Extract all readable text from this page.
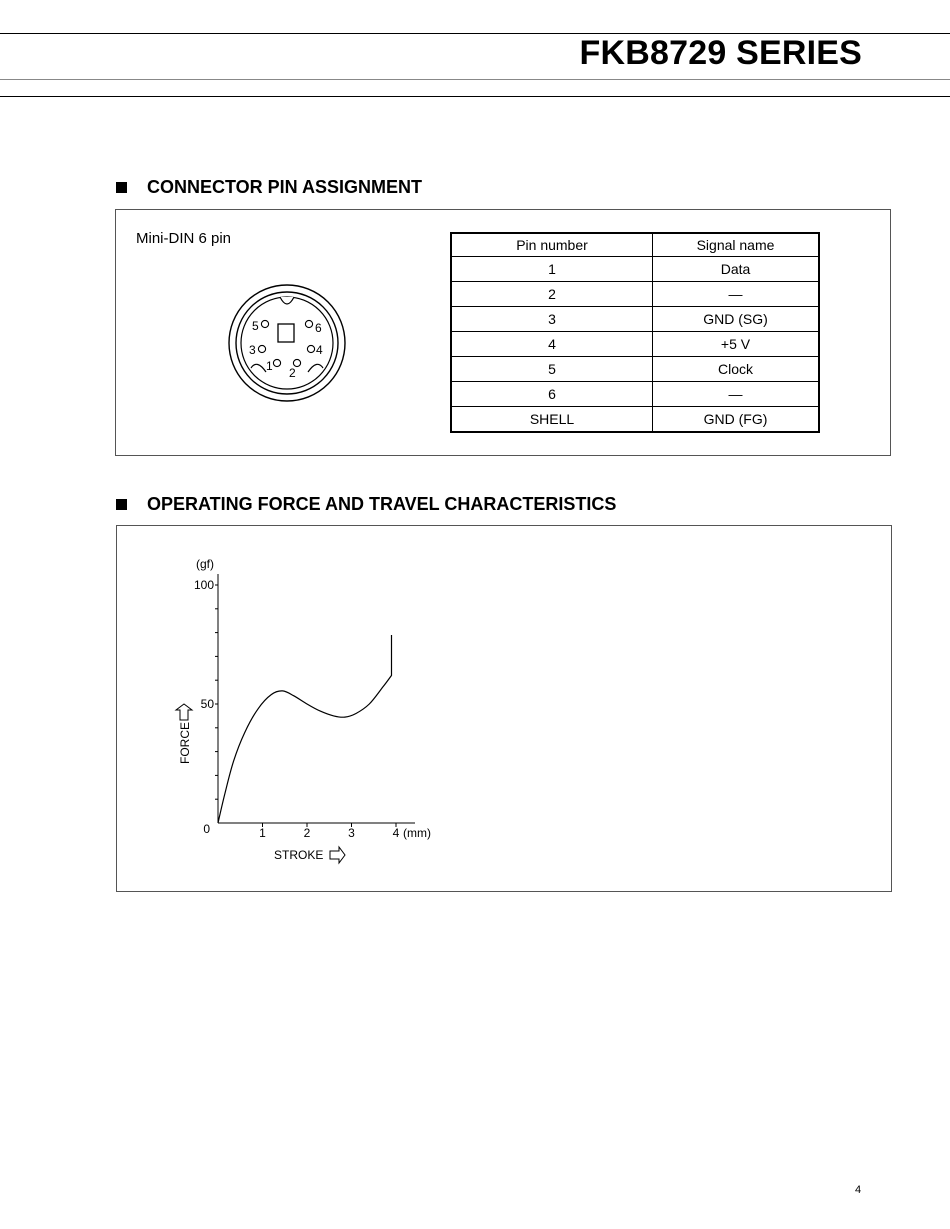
FKB8729 SERIES
CONNECTOR PIN ASSIGNMENT
Mini-DIN 6 pin
5	6
3	4
1 2
Pin number	Signal name
1	Data
2	—
3	GND (SG)
4	+5 V
5	Clock
6	—
SHELL	GND (FG)
OPERATING FORCE AND TRAVEL CHARACTERISTICS
(gf)
FORCE
STROKE
1	2	3	4 (mm)
0
50
100
4
